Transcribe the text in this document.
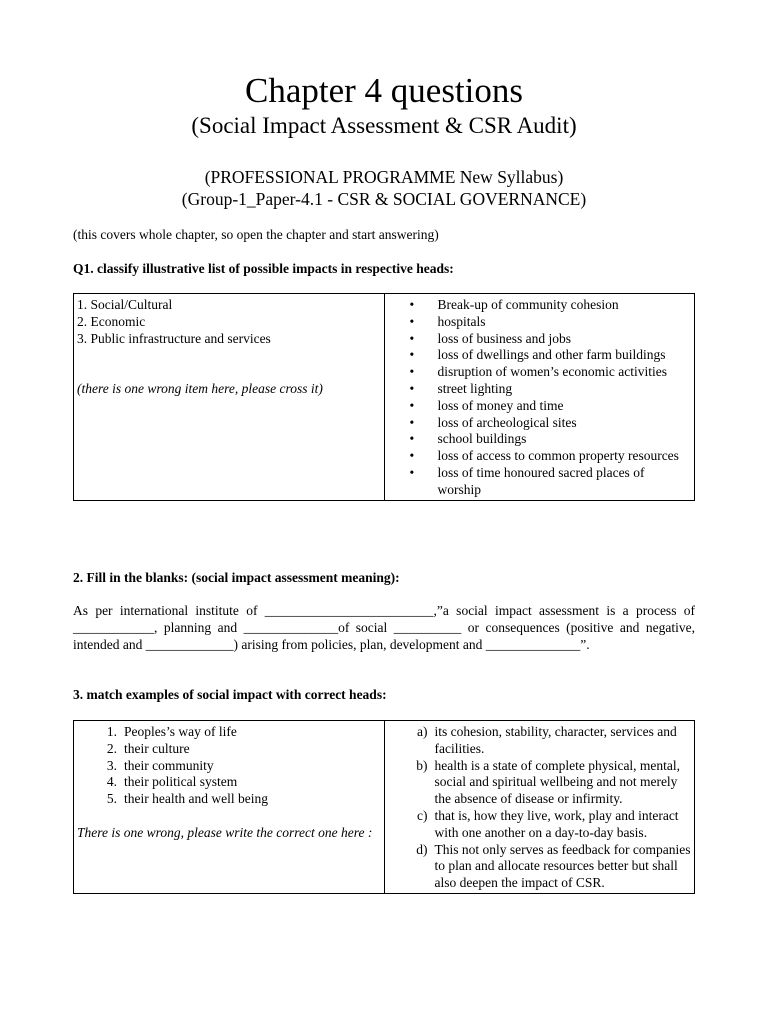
Chapter 4 questions
(Social Impact Assessment & CSR Audit)
(PROFESSIONAL PROGRAMME New Syllabus)
(Group-1_Paper-4.1 - CSR & SOCIAL GOVERNANCE)
(this covers whole chapter, so open the chapter and start answering)
Q1. classify illustrative list of possible impacts in respective heads:
1. Social/Cultural
2. Economic
3. Public infrastructure and services
(there is one wrong item here, please cross it)

• Break-up of community cohesion
• hospitals
• loss of business and jobs
• loss of dwellings and other farm buildings
• disruption of women’s economic activities
• street lighting
• loss of money and time
• loss of archeological sites
• school buildings
• loss of access to common property resources
• loss of time honoured sacred places of worship
2. Fill in the blanks: (social impact assessment meaning):
As per international institute of _________________________,”a social impact assessment is a process of ____________, planning and ______________of social __________ or consequences (positive and negative, intended and _____________) arising from policies, plan, development and ______________”.
3. match examples of social impact with correct heads:
1. Peoples’s way of life
2. their culture
3. their community
4. their political system
5. their health and well being
There is one wrong, please write the correct one here :

a) its cohesion, stability, character, services and facilities.
b) health is a state of complete physical, mental, social and spiritual wellbeing and not merely the absence of disease or infirmity.
c) that is, how they live, work, play and interact with one another on a day-to-day basis.
d) This not only serves as feedback for companies to plan and allocate resources better but shall also deepen the impact of CSR.
